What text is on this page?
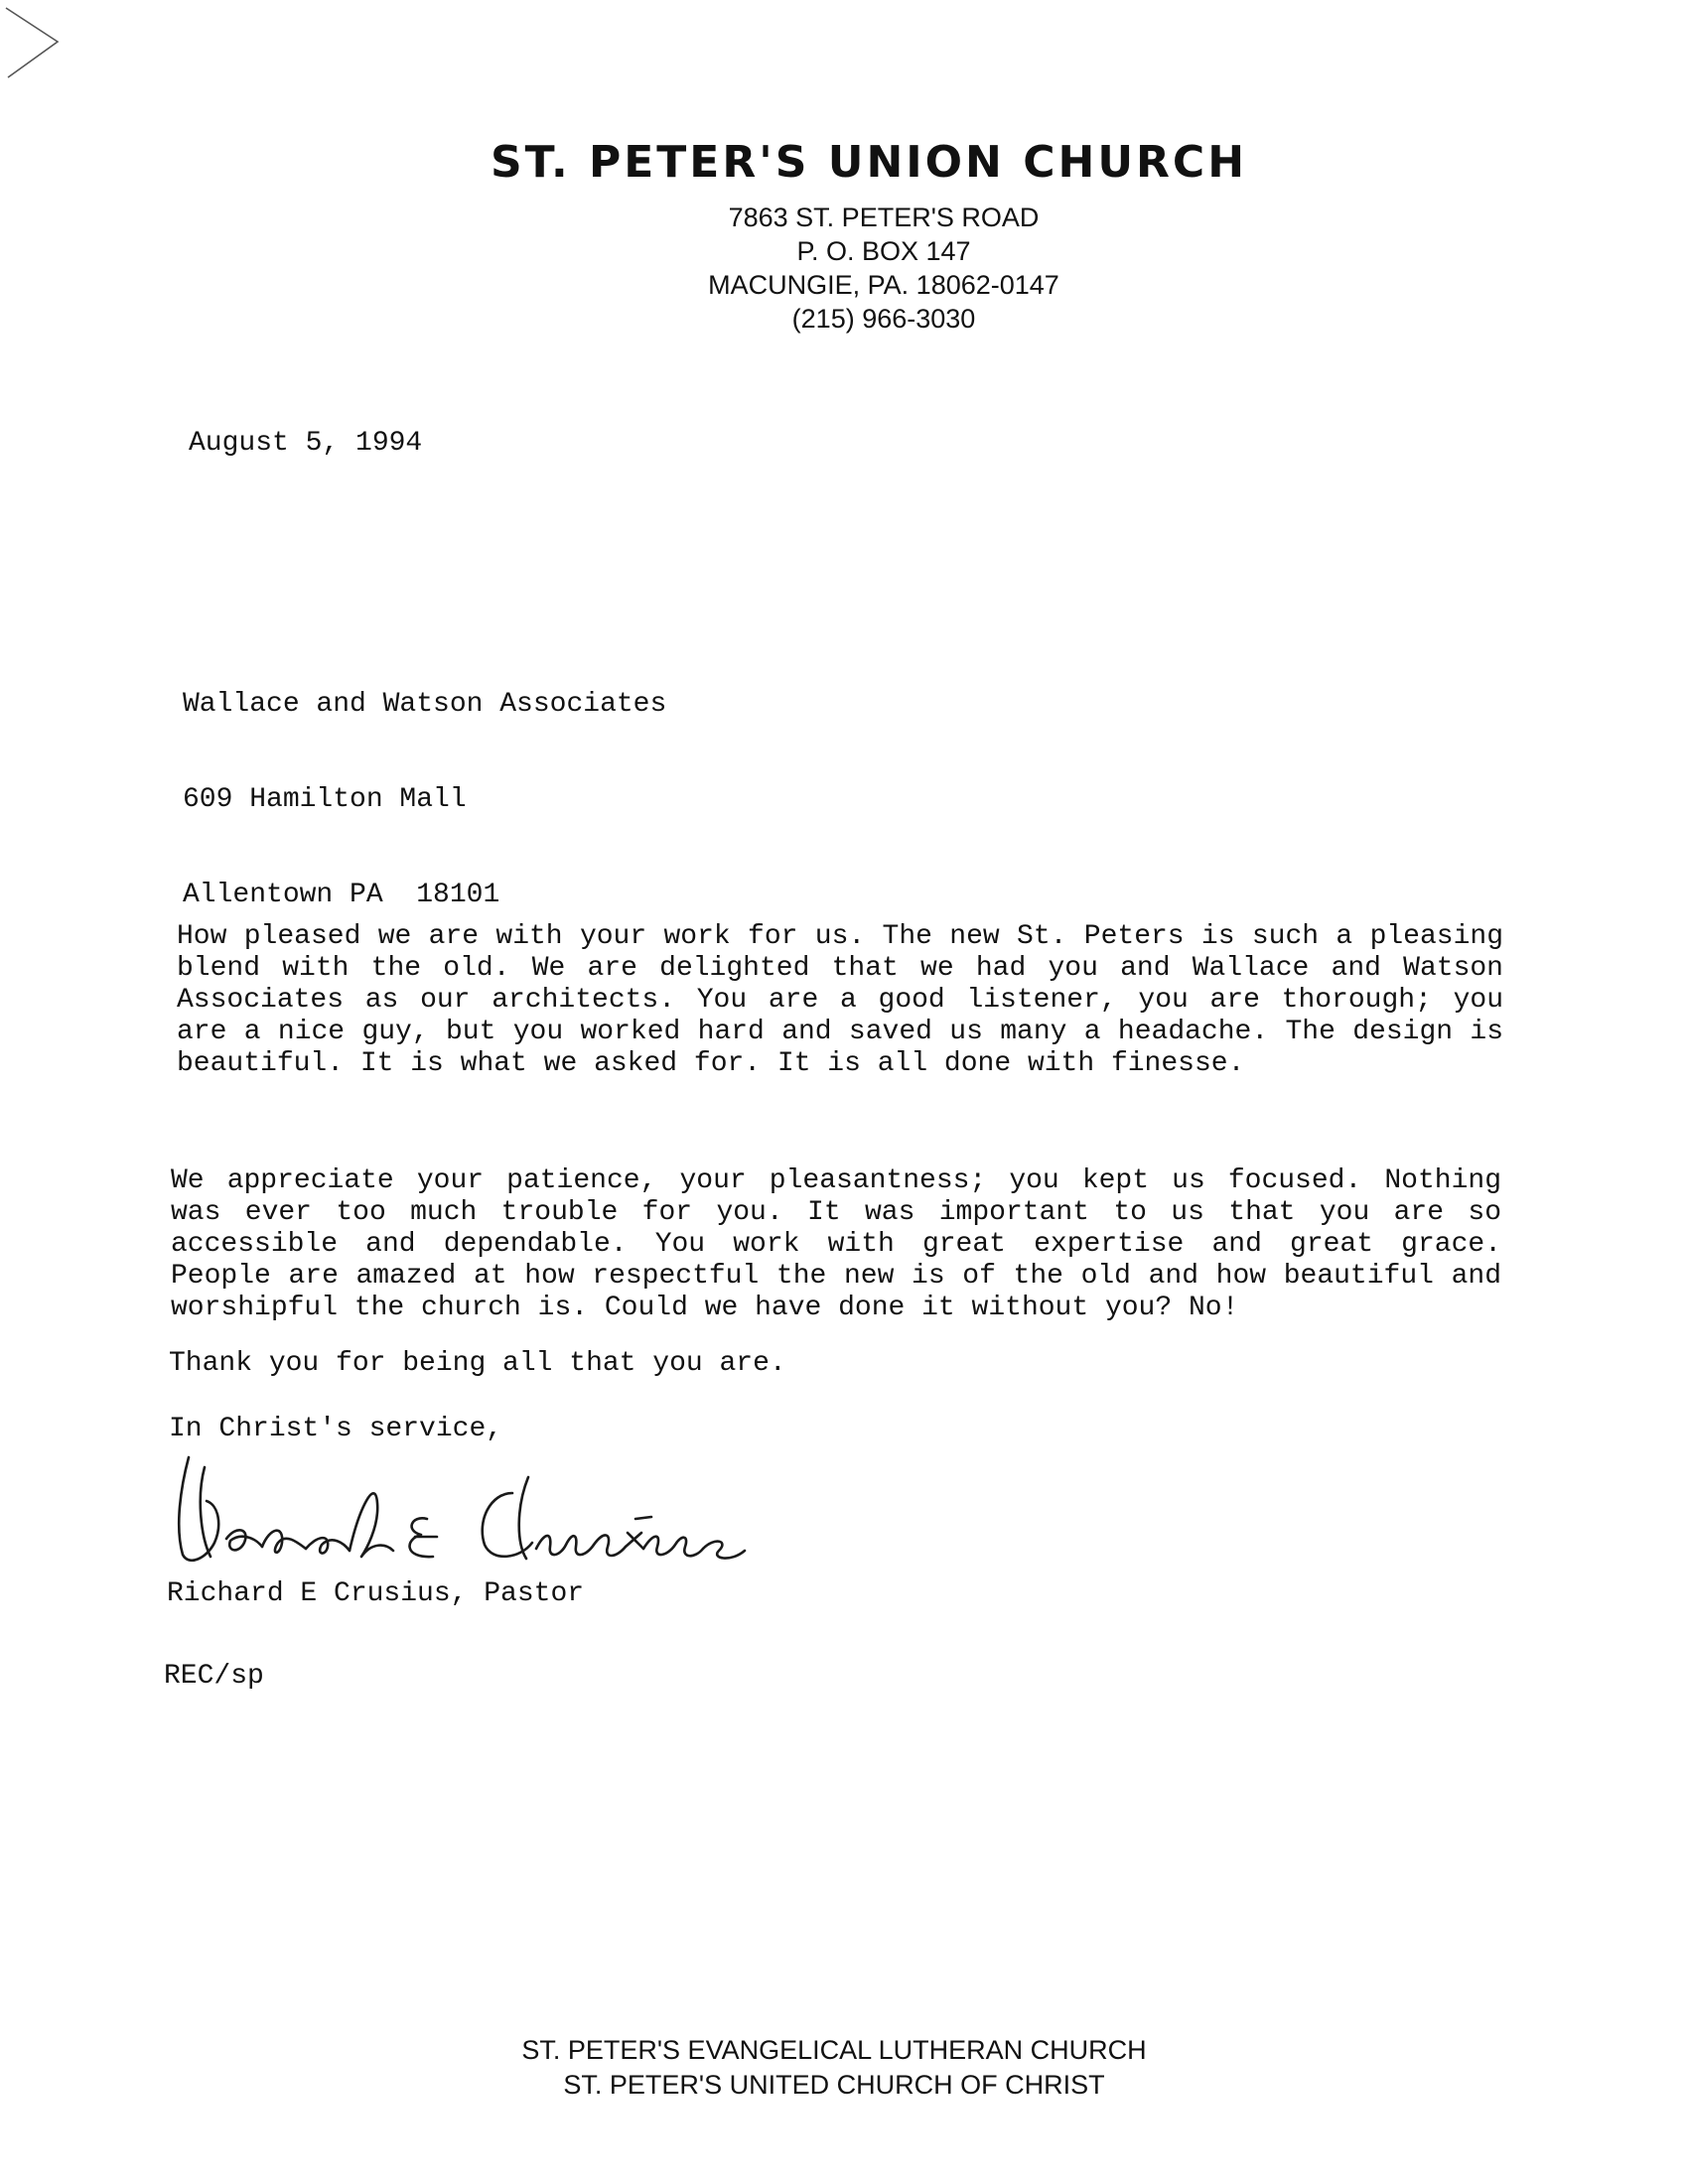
ST. PETER'S UNION CHURCH
7863 ST. PETER'S ROAD
P. O. BOX 147
MACUNGIE, PA. 18062-0147
(215) 966-3030
August 5, 1994

Wallace and Watson Associates

609 Hamilton Mall

Allentown PA  18101

How pleased we are with your work for us. The new St. Peters is such a pleasing blend with the old. We are delighted that we had you and Wallace and Watson Associates as our architects. You are a good listener, you are thorough; you are a nice guy, but you worked hard and saved us many a headache. The design is beautiful. It is what we asked for. It is all done with finesse.
We appreciate your patience, your pleasantness; you kept us focused. Nothing was ever too much trouble for you. It was important to us that you are so accessible and dependable. You work with great expertise and great grace. People are amazed at how respectful the new is of the old and how beautiful and worshipful the church is. Could we have done it without you? No!
Thank you for being all that you are.
In Christ's service,
Richard E Crusius, Pastor
REC/sp
ST. PETER'S EVANGELICAL LUTHERAN CHURCH
ST. PETER'S UNITED CHURCH OF CHRIST
